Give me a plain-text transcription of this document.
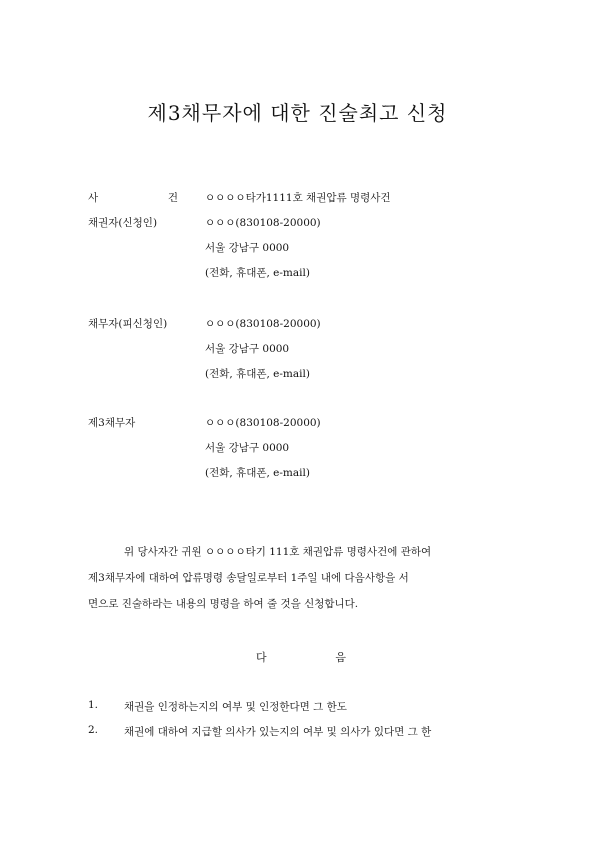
제3채무자에 대한 진술최고 신청
사	건	ㅇㅇㅇㅇ타가1111호 채권압류 명령사건
채권자(신청인)	ㅇㅇㅇ(830108-20000)
서울 강남구 0000
(전화, 휴대폰, e-mail)
채무자(피신청인)	ㅇㅇㅇ(830108-20000)
서울 강남구 0000
(전화, 휴대폰, e-mail)
제3채무자	ㅇㅇㅇ(830108-20000)
서울 강남구 0000
(전화, 휴대폰, e-mail)
위 당사자간 귀원 ㅇㅇㅇㅇ타기 111호 채권압류 명령사건에 관하여
제3채무자에 대하여 압류명령 송달일로부터 1주일 내에 다음사항을 서
면으로 진술하라는 내용의 명령을 하여 줄 것을 신청합니다.
다	음
1. 채권을 인정하는지의 여부 및 인정한다면 그 한도
2. 채권에 대하여 지급할 의사가 있는지의 여부 및 의사가 있다면 그 한
